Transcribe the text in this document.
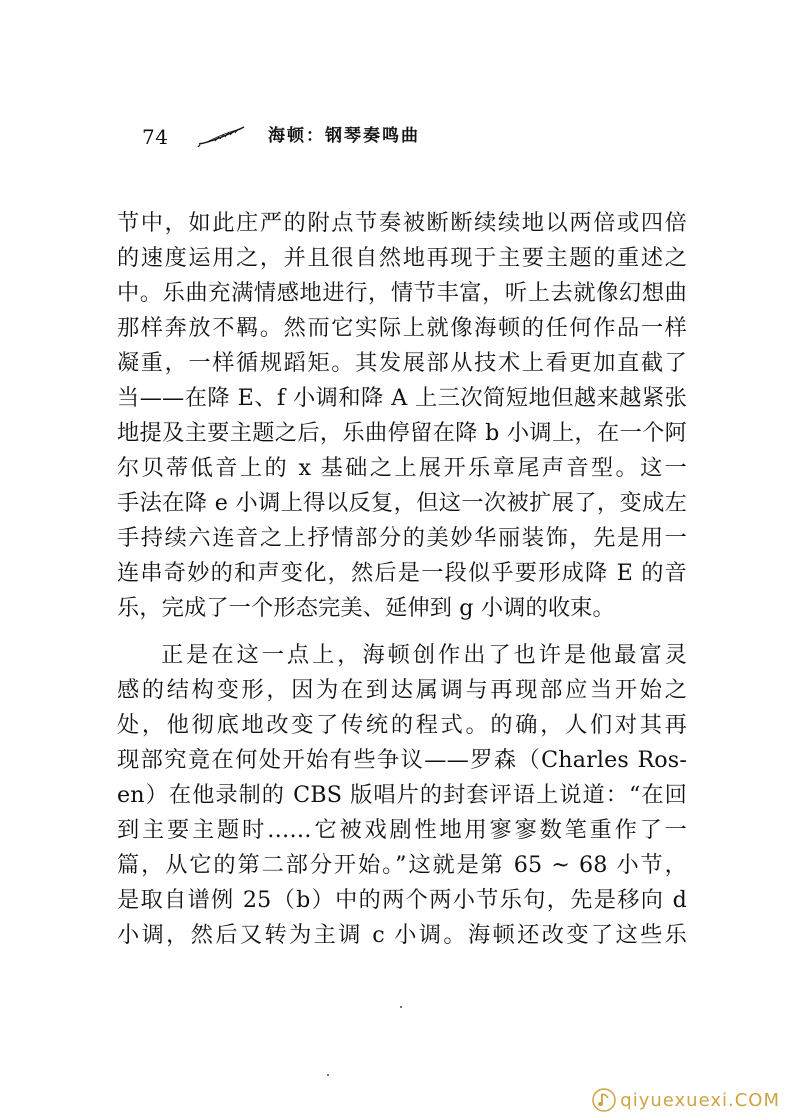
74	海顿：钢琴奏鸣曲
节中，如此庄严的附点节奏被断断续续地以两倍或四倍
的速度运用之，并且很自然地再现于主要主题的重述之
中。乐曲充满情感地进行，情节丰富，听上去就像幻想曲
那样奔放不羁。然而它实际上就像海顿的任何作品一样
凝重，一样循规蹈矩。其发展部从技术上看更加直截了
当——在降 E、f 小调和降 A 上三次简短地但越来越紧张
地提及主要主题之后，乐曲停留在降 b 小调上，在一个阿
尔贝蒂低音上的 x 基础之上展开乐章尾声音型。这一
手法在降 e 小调上得以反复，但这一次被扩展了，变成左
手持续六连音之上抒情部分的美妙华丽装饰，先是用一
连串奇妙的和声变化，然后是一段似乎要形成降 E 的音
乐，完成了一个形态完美、延伸到 g 小调的收束。
正是在这一点上，海顿创作出了也许是他最富灵
感的结构变形，因为在到达属调与再现部应当开始之
处，他彻底地改变了传统的程式。的确，人们对其再
现部究竟在何处开始有些争议——罗森（Charles Ros-
en）在他录制的 CBS 版唱片的封套评语上说道：“在回
到主要主题时……它被戏剧性地用寥寥数笔重作了一
篇，从它的第二部分开始。”这就是第 65 ~ 68 小节，
是取自谱例 25（b）中的两个两小节乐句，先是移向 d
小调，然后又转为主调 c 小调。海顿还改变了这些乐
qiyuexuexi.COM
